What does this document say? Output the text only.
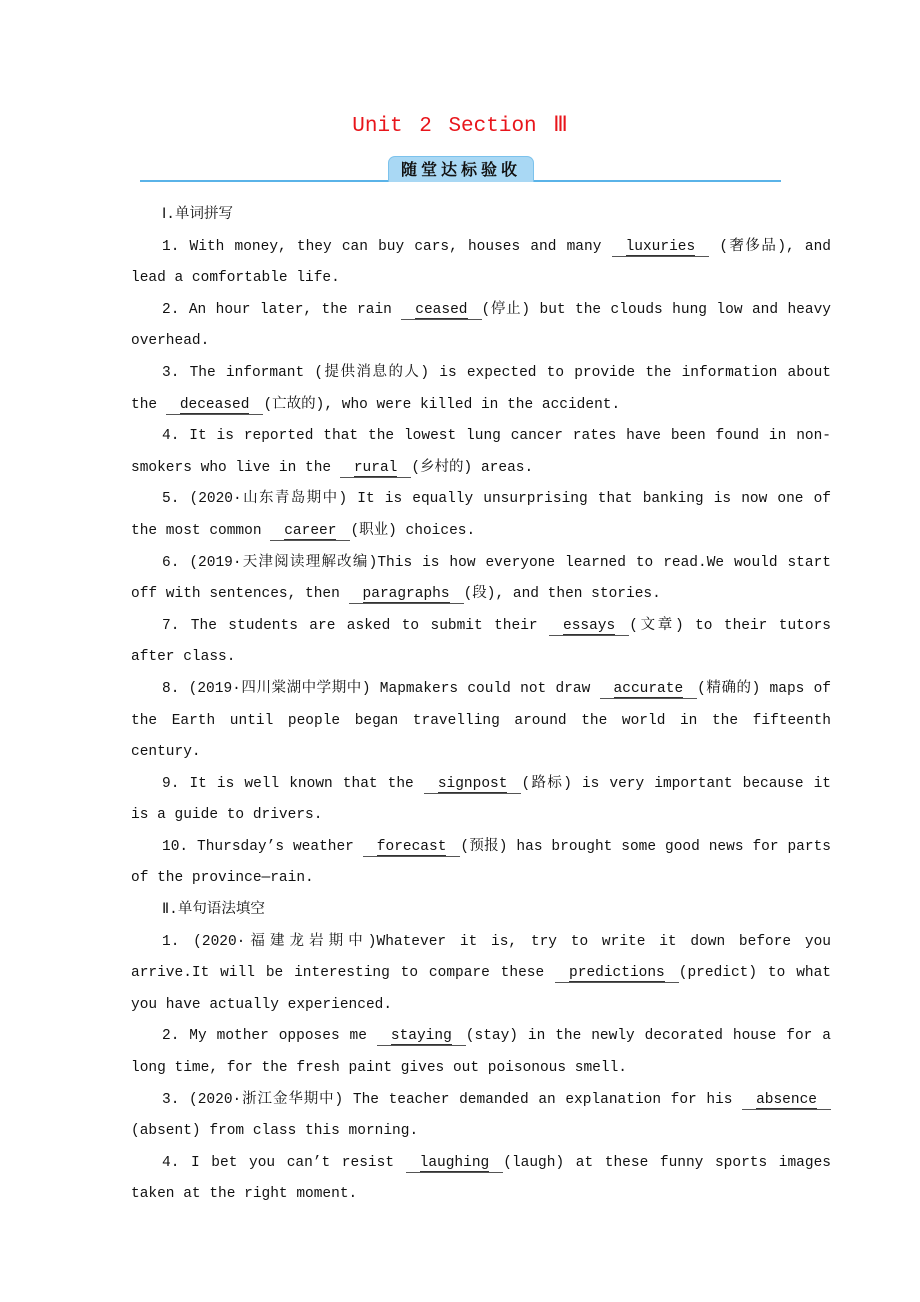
Unit 2 Section Ⅲ
随堂达标验收

Ⅰ.单词拼写

1. With money, they can buy cars, houses and many luxuries (奢侈品), and lead a comfortable life.

2. An hour later, the rain ceased (停止) but the clouds hung low and heavy overhead.

3. The informant (提供消息的人) is expected to provide the information about the deceased (亡故的), who were killed in the accident.

4. It is reported that the lowest lung cancer rates have been found in non-smokers who live in the rural (乡村的) areas.

5. (2020·山东青岛期中) It is equally unsurprising that banking is now one of the most common career (职业) choices.

6. (2019·天津阅读理解改编)This is how everyone learned to read.We would start off with sentences, then paragraphs (段), and then stories.

7. The students are asked to submit their essays (文章) to their tutors after class.

8. (2019·四川棠湖中学期中) Mapmakers could not draw accurate (精确的) maps of the Earth until people began travelling around the world in the fifteenth century.

9. It is well known that the signpost (路标) is very important because it is a guide to drivers.

10. Thursday’s weather forecast (预报) has brought some good news for parts of the province—rain.

Ⅱ.单句语法填空

1. (2020·福建龙岩期中)Whatever it is, try to write it down before you arrive.It will be interesting to compare these predictions (predict) to what you have actually experienced.

2. My mother opposes me staying (stay) in the newly decorated house for a long time, for the fresh paint gives out poisonous smell.

3. (2020·浙江金华期中) The teacher demanded an explanation for his absence(absent) from class this morning.

4. I bet you can’t resist laughing (laugh) at these funny sports images taken at the right moment.
